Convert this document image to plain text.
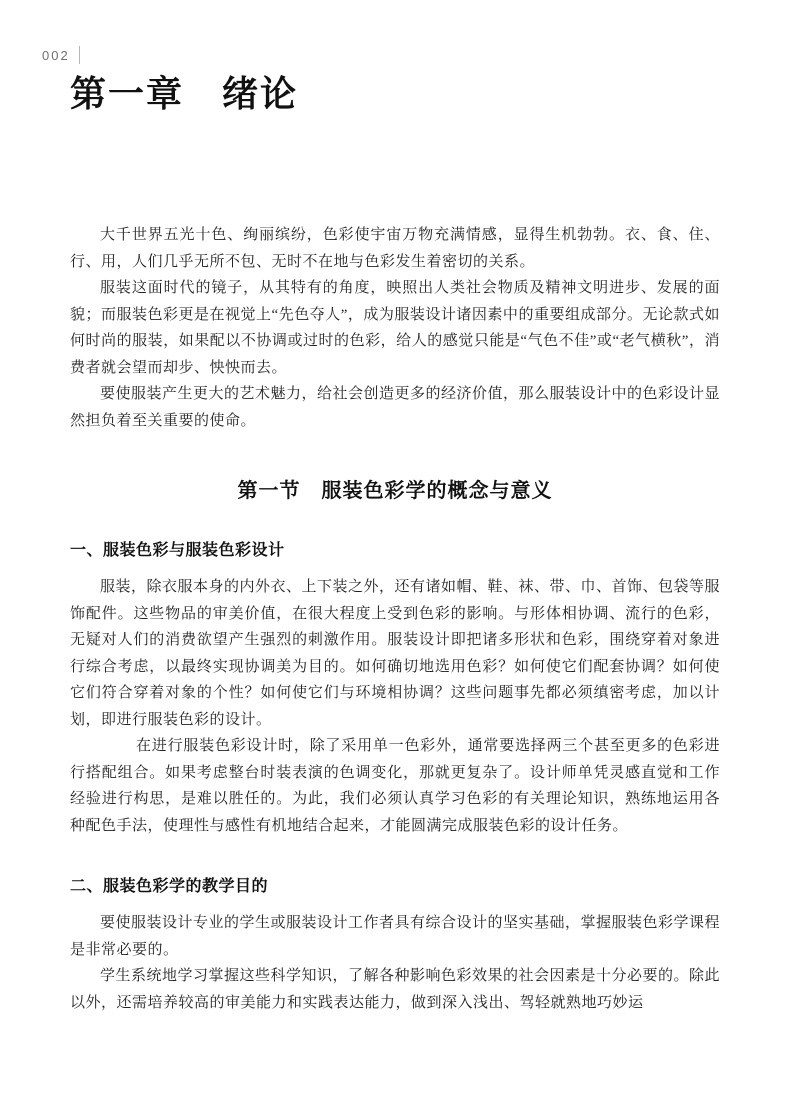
002
第一章　绪论

大千世界五光十色、绚丽缤纷，色彩使宇宙万物充满情感，显得生机勃勃。衣、食、住、行、用，人们几乎无所不包、无时不在地与色彩发生着密切的关系。

服装这面时代的镜子，从其特有的角度，映照出人类社会物质及精神文明进步、发展的面貌；而服装色彩更是在视觉上“先色夺人”，成为服装设计诸因素中的重要组成部分。无论款式如何时尚的服装，如果配以不协调或过时的色彩，给人的感觉只能是“气色不佳”或“老气横秋”，消费者就会望而却步、怏怏而去。

要使服装产生更大的艺术魅力，给社会创造更多的经济价值，那么服装设计中的色彩设计显然担负着至关重要的使命。

第一节　服装色彩学的概念与意义
一、服装色彩与服装色彩设计

服装，除衣服本身的内外衣、上下装之外，还有诸如帽、鞋、袜、带、巾、首饰、包袋等服饰配件。这些物品的审美价值，在很大程度上受到色彩的影响。与形体相协调、流行的色彩，无疑对人们的消费欲望产生强烈的刺激作用。服装设计即把诸多形状和色彩，围绕穿着对象进行综合考虑，以最终实现协调美为目的。如何确切地选用色彩？如何使它们配套协调？如何使它们符合穿着对象的个性？如何使它们与环境相协调？这些问题事先都必须缜密考虑，加以计划，即进行服装色彩的设计。

在进行服装色彩设计时，除了采用单一色彩外，通常要选择两三个甚至更多的色彩进行搭配组合。如果考虑整台时装表演的色调变化，那就更复杂了。设计师单凭灵感直觉和工作经验进行构思，是难以胜任的。为此，我们必须认真学习色彩的有关理论知识，熟练地运用各种配色手法，使理性与感性有机地结合起来，才能圆满完成服装色彩的设计任务。

二、服装色彩学的教学目的

要使服装设计专业的学生或服装设计工作者具有综合设计的坚实基础，掌握服装色彩学课程是非常必要的。

学生系统地学习掌握这些科学知识，了解各种影响色彩效果的社会因素是十分必要的。除此以外，还需培养较高的审美能力和实践表达能力，做到深入浅出、驾轻就熟地巧妙运
